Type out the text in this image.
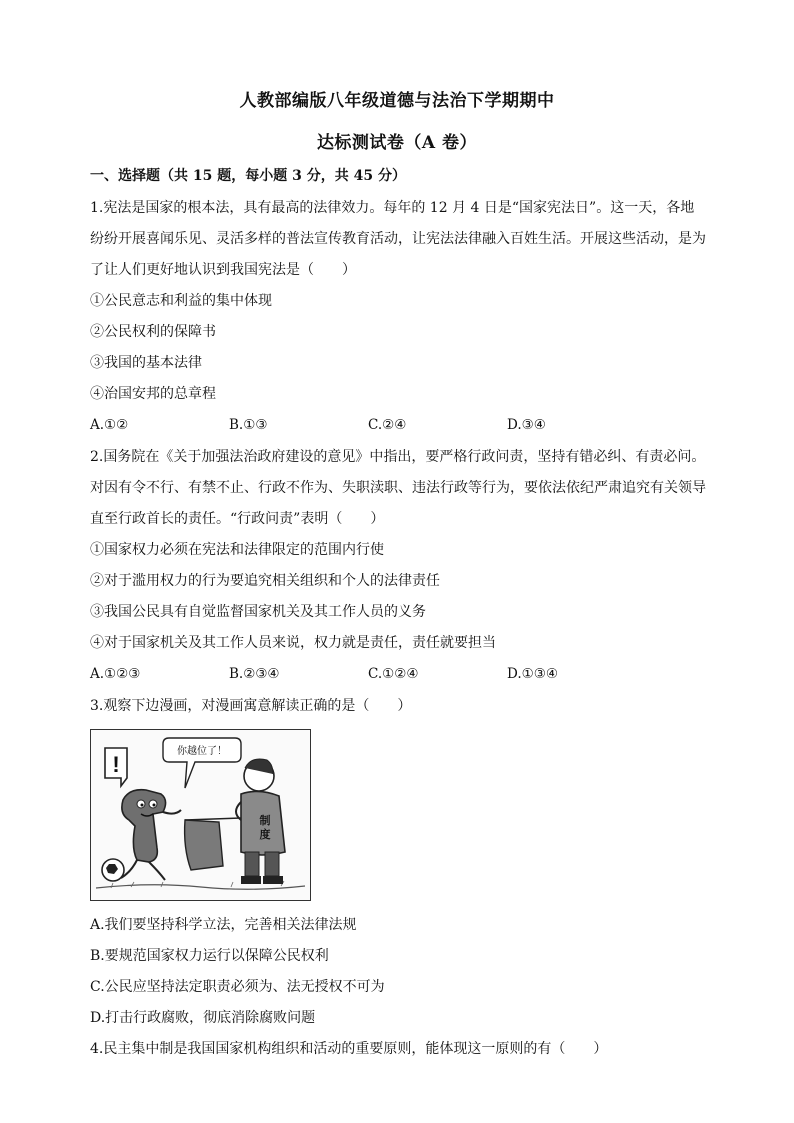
人教部编版八年级道德与法治下学期期中
达标测试卷（A 卷）
一、选择题（共 15 题，每小题 3 分，共 45 分）
1.宪法是国家的根本法，具有最高的法律效力。每年的 12 月 4 日是“国家宪法日”。这一天，各地
纷纷开展喜闻乐见、灵活多样的普法宣传教育活动，让宪法法律融入百姓生活。开展这些活动，是为
了让人们更好地认识到我国宪法是（　　）
①公民意志和利益的集中体现
②公民权利的保障书
③我国的基本法律
④治国安邦的总章程
A.①②	B.①③	C.②④	D.③④
2.国务院在《关于加强法治政府建设的意见》中指出，要严格行政问责，坚持有错必纠、有责必问。
对因有令不行、有禁不止、行政不作为、失职渎职、违法行政等行为，要依法依纪严肃追究有关领导
直至行政首长的责任。“行政问责”表明（　　）
①国家权力必须在宪法和法律限定的范围内行使
②对于滥用权力的行为要追究相关组织和个人的法律责任
③我国公民具有自觉监督国家机关及其工作人员的义务
④对于国家机关及其工作人员来说，权力就是责任，责任就要担当
A.①②③	B.②③④	C.①②④	D.①③④
3.观察下边漫画，对漫画寓意解读正确的是（　　）
!
你越位了！
制
度
A.我们要坚持科学立法，完善相关法律法规
B.要规范国家权力运行以保障公民权利
C.公民应坚持法定职责必须为、法无授权不可为
D.打击行政腐败，彻底消除腐败问题
4.民主集中制是我国国家机构组织和活动的重要原则，能体现这一原则的有（　　）
